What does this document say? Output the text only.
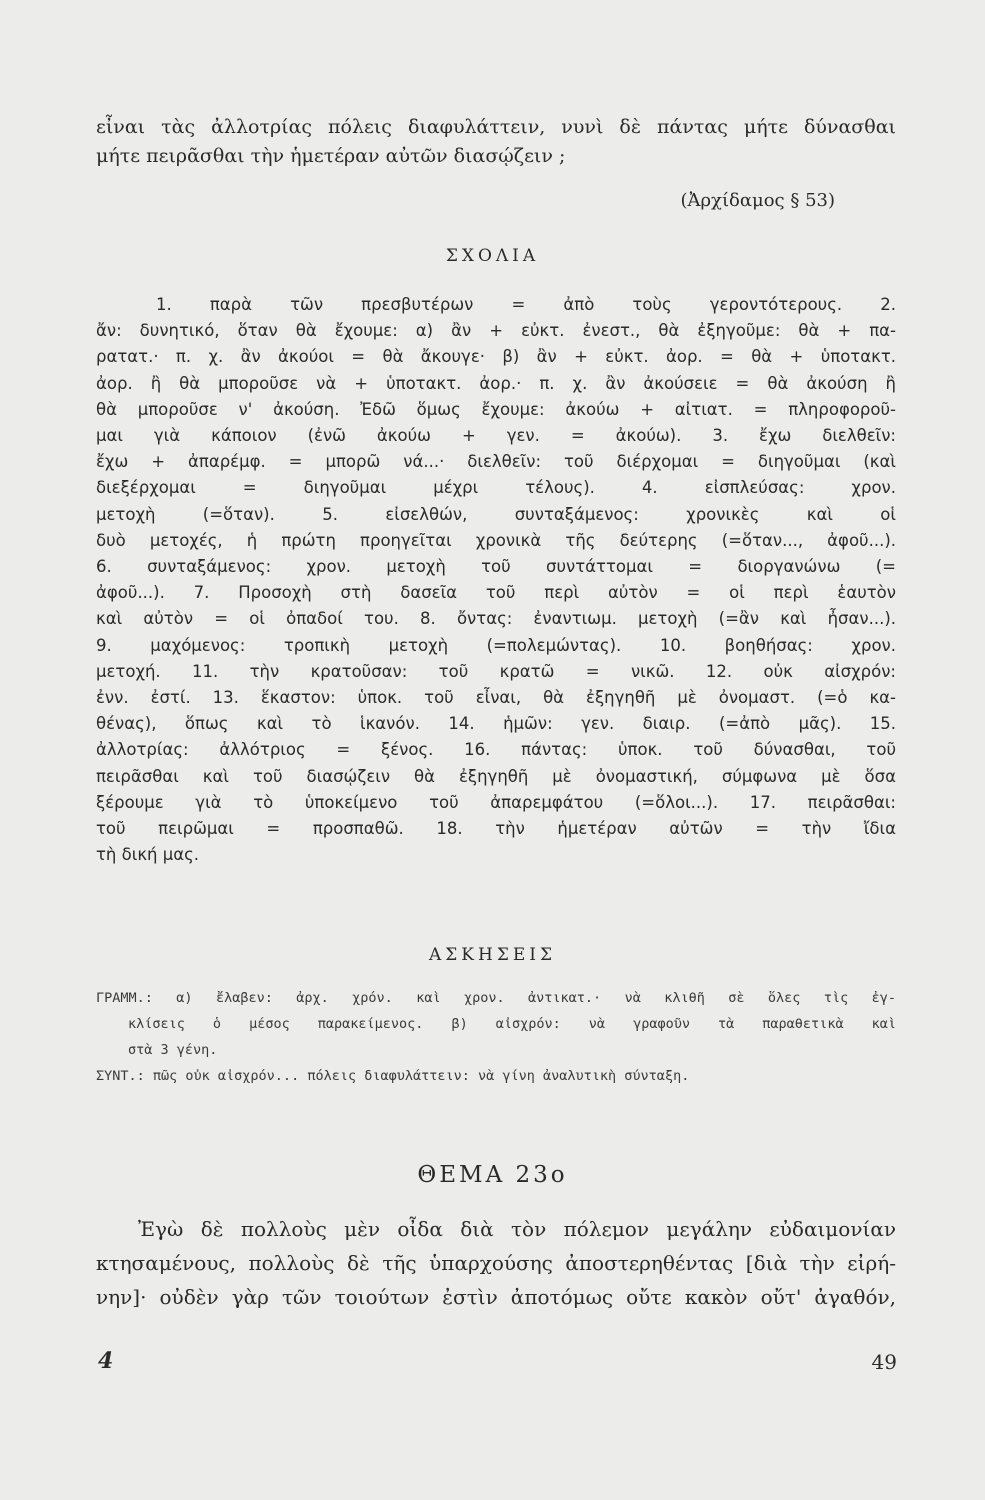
εἶναι τὰς ἀλλοτρίας πόλεις διαφυλάττειν, νυνὶ δὲ πάντας μήτε δύνασθαι
μήτε πειρᾶσθαι τὴν ἡμετέραν αὐτῶν διασῴζειν ;
(Ἀρχίδαμος § 53)
ΣΧΟΛΙΑ
1. παρὰ τῶν πρεσβυτέρων = ἀπὸ τοὺς γεροντότερους. 2.
ἄν: δυνητικό, ὅταν θὰ ἔχουμε: α) ἂν + εὐκτ. ἐνεστ., θὰ ἐξηγοῦμε: θὰ + πα-
ρατατ.· π. χ. ἂν ἀκούοι = θὰ ἄκουγε· β) ἂν + εὐκτ. ἀορ. = θὰ + ὑποτακτ.
ἀορ. ἢ θὰ μποροῦσε νὰ + ὑποτακτ. ἀορ.· π. χ. ἂν ἀκούσειε = θὰ ἀκούση ἢ
θὰ μποροῦσε ν' ἀκούση. Ἐδῶ ὅμως ἔχουμε: ἀκούω + αἰτιατ. = πληροφοροῦ-
μαι γιὰ κάποιον (ἐνῶ ἀκούω + γεν. = ἀκούω). 3. ἔχω διελθεῖν:
ἔχω + ἀπαρέμφ. = μπορῶ νά...· διελθεῖν: τοῦ διέρχομαι = διηγοῦμαι (καὶ
διεξέρχομαι = διηγοῦμαι μέχρι τέλους). 4. εἰσπλεύσας: χρον.
μετοχὴ (=ὅταν). 5. εἰσελθών, συνταξάμενος: χρονικὲς καὶ οἱ
δυὸ μετοχές, ἡ πρώτη προηγεῖται χρονικὰ τῆς δεύτερης (=ὅταν..., ἀφοῦ...).
6. συνταξάμενος: χρον. μετοχὴ τοῦ συντάττομαι = διοργανώνω (=
ἀφοῦ...). 7. Προσοχὴ στὴ δασεῖα τοῦ περὶ αὐτὸν = οἱ περὶ ἑαυτὸν
καὶ αὐτὸν = οἱ ὀπαδοί του. 8. ὄντας: ἐναντιωμ. μετοχὴ (=ἂν καὶ ἦσαν...).
9. μαχόμενος: τροπικὴ μετοχὴ (=πολεμώντας). 10. βοηθήσας: χρον.
μετοχή. 11. τὴν κρατοῦσαν: τοῦ κρατῶ = νικῶ. 12. οὐκ αἰσχρόν:
ἐνν. ἐστί. 13. ἕκαστον: ὑποκ. τοῦ εἶναι, θὰ ἐξηγηθῆ μὲ ὀνομαστ. (=ὁ κα-
θένας), ὅπως καὶ τὸ ἱκανόν. 14. ἡμῶν: γεν. διαιρ. (=ἀπὸ μᾶς). 15.
ἀλλοτρίας: ἀλλότριος = ξένος. 16. πάντας: ὑποκ. τοῦ δύνασθαι, τοῦ
πειρᾶσθαι καὶ τοῦ διασῴζειν θὰ ἐξηγηθῆ μὲ ὀνομαστική, σύμφωνα μὲ ὅσα
ξέρουμε γιὰ τὸ ὑποκείμενο τοῦ ἀπαρεμφάτου (=ὅλοι...). 17. πειρᾶσθαι:
τοῦ πειρῶμαι = προσπαθῶ. 18. τὴν ἡμετέραν αὐτῶν = τὴν ἴδια
τὴ δική μας.
ΑΣΚΗΣΕΙΣ
ΓΡΑΜΜ.: α) ἔλαβεν: ἀρχ. χρόν. καὶ χρον. ἀντικατ.· νὰ κλιθῆ σὲ ὅλες τὶς ἐγ-
κλίσεις ὁ μέσος παρακείμενος. β) αἰσχρόν: νὰ γραφοῦν τὰ παραθετικὰ καὶ
στὰ 3 γένη.
ΣΥΝΤ.: πῶς οὐκ αἰσχρόν... πόλεις διαφυλάττειν: νὰ γίνη ἀναλυτικὴ σύνταξη.
ΘΕΜΑ 23ο
Ἐγὼ δὲ πολλοὺς μὲν οἶδα διὰ τὸν πόλεμον μεγάλην εὐδαιμονίαν
κτησαμένους, πολλοὺς δὲ τῆς ὑπαρχούσης ἀποστερηθέντας [διὰ τὴν εἰρή-
νην]· οὐδὲν γὰρ τῶν τοιούτων ἐστὶν ἀποτόμως οὔτε κακὸν οὔτ' ἀγαθόν,
4	49
